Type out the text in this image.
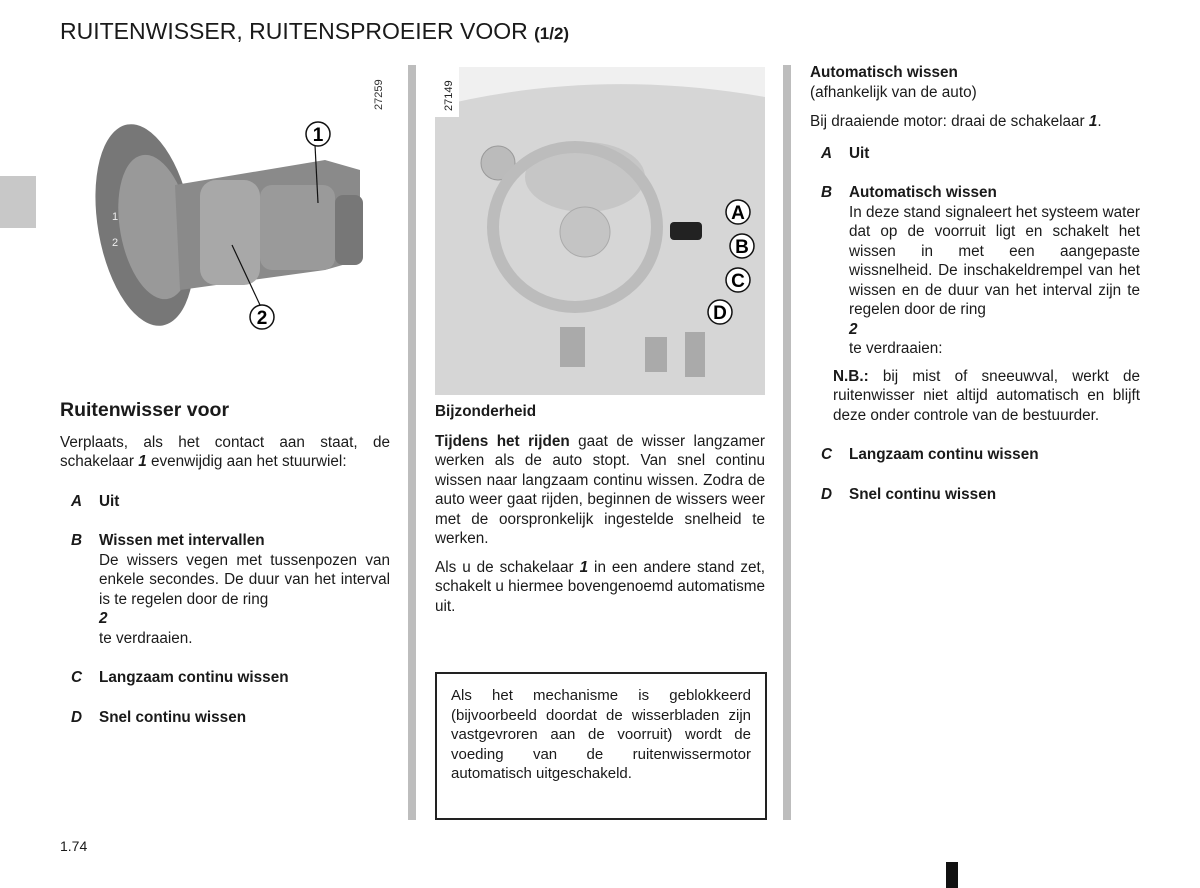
RUITENWISSER, RUITENSPROEIER VOOR (1/2)
1
2
1
2
27259	27149
A
B
C
D
Ruitenwisser voor

Verplaats, als het contact aan staat, de schakelaar 1 evenwijdig aan het stuurwiel:

A	Uit
B	Wissen met intervallen
De wissers vegen met tussenpozen van enkele secondes. De duur van het interval is te regelen door de ring
2
te verdraaien.
C	Langzaam continu wissen
D	Snel continu wissen

Bijzonderheid

Tijdens het rijden gaat de wisser langzamer werken als de auto stopt. Van snel continu wissen naar langzaam continu wissen. Zodra de auto weer gaat rijden, beginnen de wissers weer met de oorspronkelijk ingestelde snelheid te werken.

Als u de schakelaar 1 in een andere stand zet, schakelt u hiermee bovengenoemd automatisme uit.

Als het mechanisme is geblokkeerd (bijvoorbeeld doordat de wisserbladen zijn vastgevroren aan de voorruit) wordt de voeding van de ruitenwissermotor automatisch uitgeschakeld.

Automatisch wissen
(afhankelijk van de auto)

Bij draaiende motor: draai de schakelaar 1.

A	Uit
B	Automatisch wissen
In deze stand signaleert het systeem water dat op de voorruit ligt en schakelt het wissen in met een aangepaste wissnelheid. De inschakeldrempel van het wissen en de duur van het interval zijn te regelen door de ring
2
te verdraaien:

N.B.: bij mist of sneeuwval, werkt de ruitenwisser niet altijd automatisch en blijft deze onder controle van de bestuurder.

C	Langzaam continu wissen
D	Snel continu wissen
1.74
